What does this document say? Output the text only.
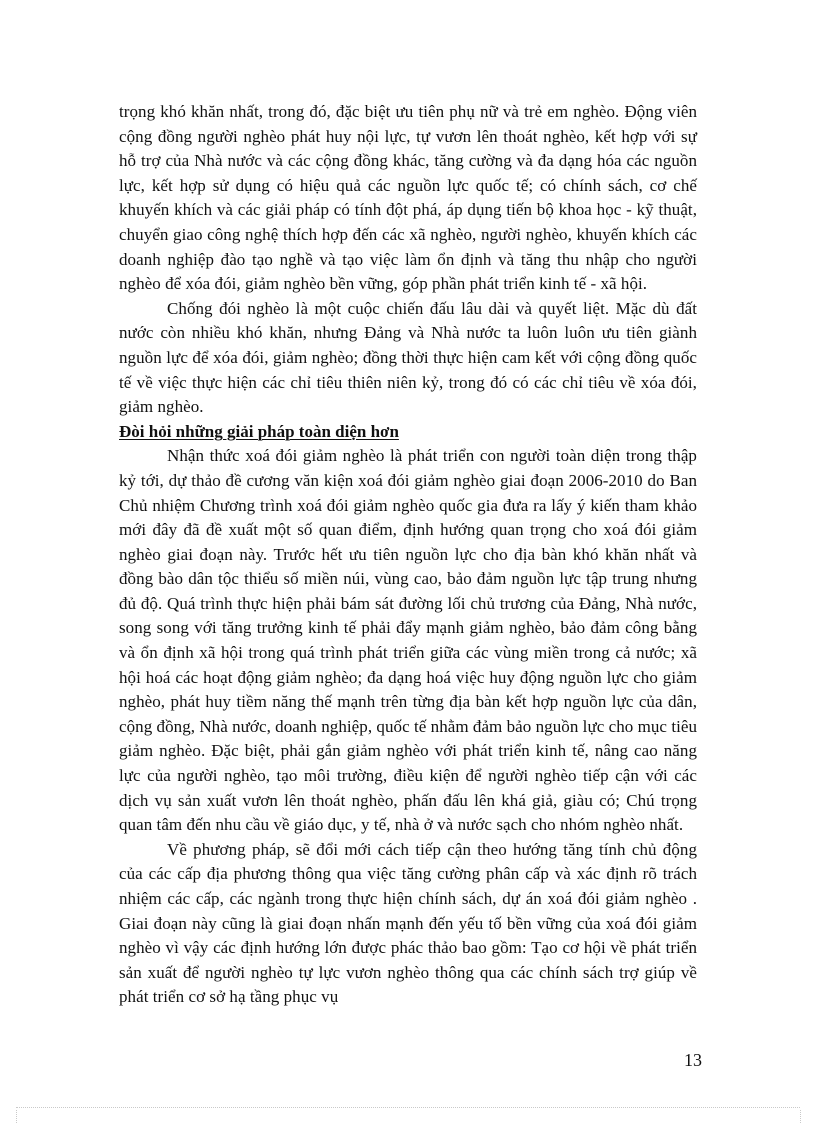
trọng khó khăn nhất, trong đó, đặc biệt ưu tiên phụ nữ và trẻ em nghèo. Động viên cộng đồng người nghèo phát huy nội lực, tự vươn lên thoát nghèo, kết hợp với sự hỗ trợ của Nhà nước và các cộng đồng khác, tăng cường và đa dạng hóa các nguồn lực, kết hợp sử dụng có hiệu quả các nguồn lực quốc tế; có chính sách, cơ chế khuyến khích và các giải pháp có tính đột phá, áp dụng tiến bộ khoa học - kỹ thuật, chuyển giao công nghệ thích hợp đến các xã nghèo, người nghèo, khuyến khích các doanh nghiệp đào tạo nghề và tạo việc làm ổn định và tăng thu nhập cho người nghèo để xóa đói, giảm nghèo bền vững, góp phần phát triển kinh tế - xã hội.

Chống đói nghèo là một cuộc chiến đấu lâu dài và quyết liệt. Mặc dù đất nước còn nhiều khó khăn, nhưng Đảng và Nhà nước ta luôn luôn ưu tiên giành nguồn lực để xóa đói, giảm nghèo; đồng thời thực hiện cam kết với cộng đồng quốc tế về việc thực hiện các chỉ tiêu thiên niên kỷ, trong đó có các chỉ tiêu về xóa đói, giảm nghèo.

Đòi hỏi những giải pháp toàn diện hơn

Nhận thức xoá đói giảm nghèo là phát triển con người toàn diện trong thập kỷ tới, dự thảo đề cương văn kiện xoá đói giảm nghèo giai đoạn 2006-2010 do Ban Chủ nhiệm Chương trình xoá đói giảm nghèo quốc gia đưa ra lấy ý kiến tham khảo mới đây đã đề xuất một số quan điểm, định hướng quan trọng cho xoá đói giảm nghèo giai đoạn này. Trước hết ưu tiên nguồn lực cho địa bàn khó khăn nhất và đồng bào dân tộc thiểu số miền núi, vùng cao, bảo đảm nguồn lực tập trung nhưng đủ độ. Quá trình thực hiện phải bám sát đường lối chủ trương của Đảng, Nhà nước, song song với tăng trưởng kinh tế phải đẩy mạnh giảm nghèo, bảo đảm công bằng và ổn định xã hội trong quá trình phát triển giữa các vùng miền trong cả nước; xã hội hoá các hoạt động giảm nghèo; đa dạng hoá việc huy động nguồn lực cho giảm nghèo, phát huy tiềm năng thế mạnh trên từng địa bàn kết hợp nguồn lực của dân, cộng đồng, Nhà nước, doanh nghiệp, quốc tế nhằm đảm bảo nguồn lực cho mục tiêu giảm nghèo. Đặc biệt, phải gắn giảm nghèo với phát triển kinh tế, nâng cao năng lực của người nghèo, tạo môi trường, điều kiện để người nghèo tiếp cận với các dịch vụ sản xuất vươn lên thoát nghèo, phấn đấu lên khá giả, giàu có; Chú trọng quan tâm đến nhu cầu về giáo dục, y tế, nhà ở và nước sạch cho nhóm nghèo nhất.

Về phương pháp, sẽ đổi mới cách tiếp cận theo hướng tăng tính chủ động của các cấp địa phương thông qua việc tăng cường phân cấp và xác định rõ trách nhiệm các cấp, các ngành trong thực hiện chính sách, dự án xoá đói giảm nghèo . Giai đoạn này cũng là giai đoạn nhấn mạnh đến yếu tố bền vững của xoá đói giảm nghèo vì vậy các định hướng lớn được phác thảo bao gồm: Tạo cơ hội về phát triển sản xuất để người nghèo tự lực vươn nghèo thông qua các chính sách trợ giúp về phát triển cơ sở hạ tầng phục vụ

13
